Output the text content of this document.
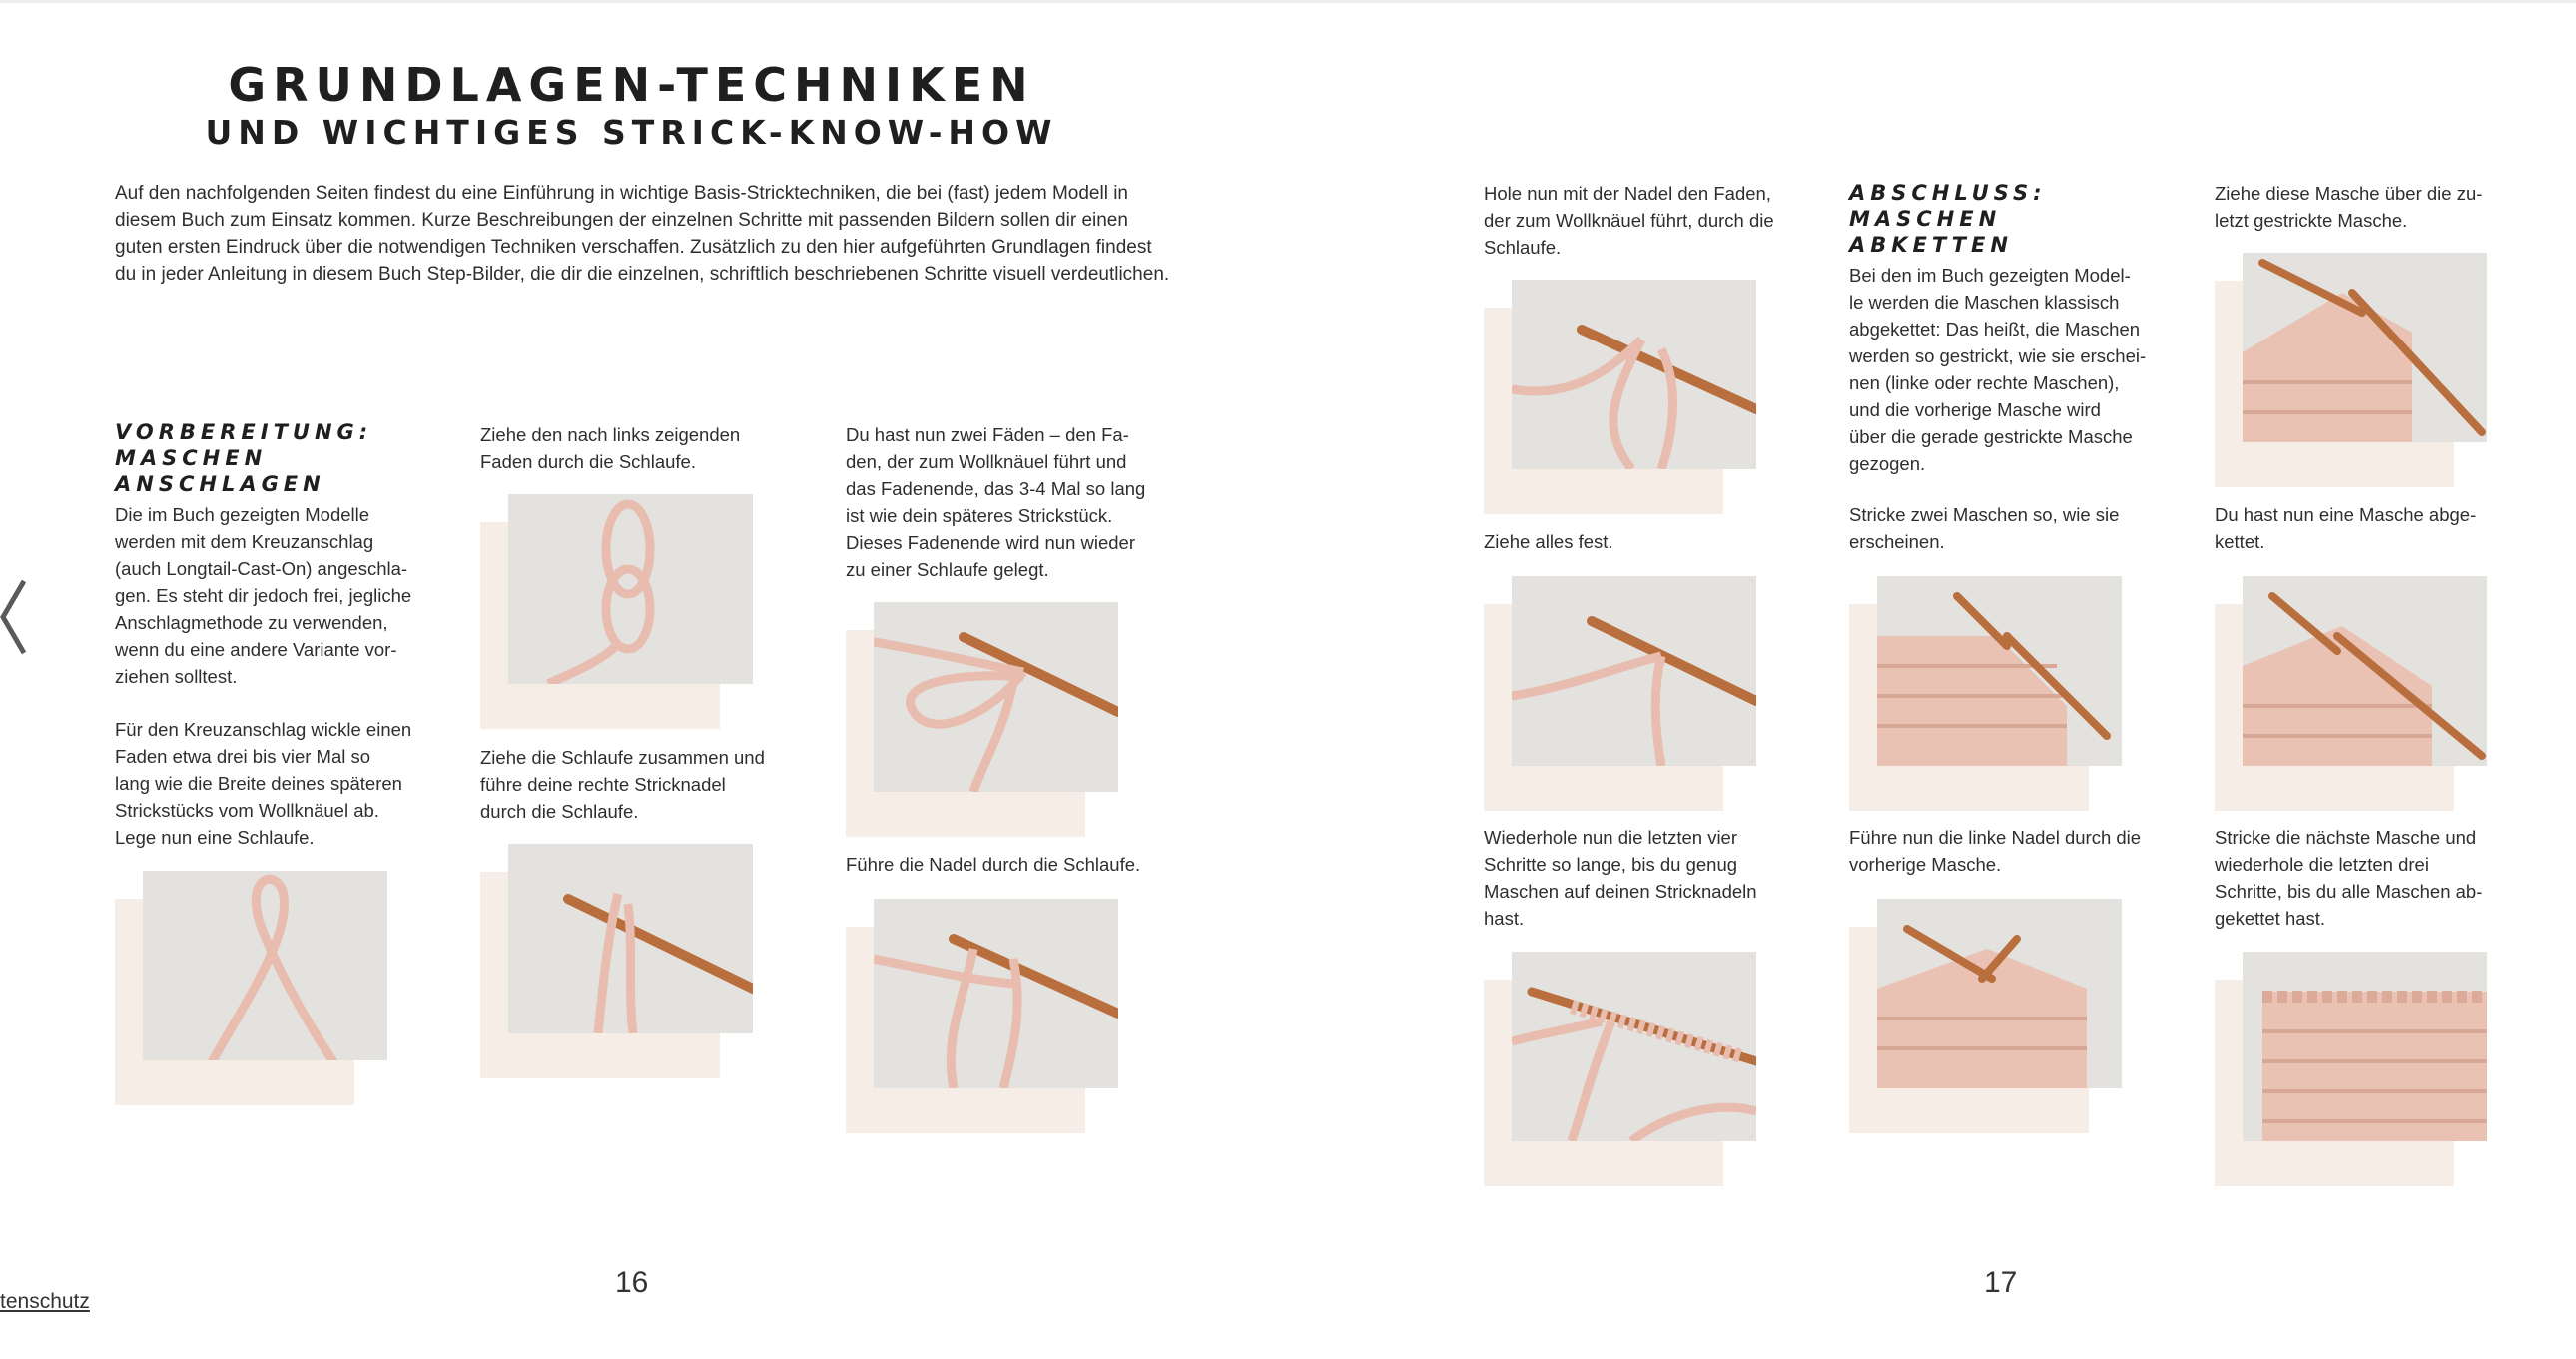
GRUNDLAGEN-TECHNIKEN
UND WICHTIGES STRICK-KNOW-HOW
Auf den nachfolgenden Seiten findest du eine Einführung in wichtige Basis-Stricktechniken, die bei (fast) jedem Modell in diesem Buch zum Einsatz kommen. Kurze Beschreibungen der einzelnen Schritte mit passenden Bildern sollen dir einen guten ersten Eindruck über die notwendigen Techniken verschaffen. Zusätzlich zu den hier aufgeführten Grundlagen findest du in jeder Anleitung in diesem Buch Step-Bilder, die dir die einzelnen, schriftlich beschriebenen Schritte visuell verdeutlichen.
VORBEREITUNG:
MASCHEN
ANSCHLAGEN
Die im Buch gezeigten Modelle
werden mit dem Kreuzanschlag
(auch Longtail-Cast-On) angeschla-
gen. Es steht dir jedoch frei, jegliche
Anschlagmethode zu verwenden,
wenn du eine andere Variante vor-
ziehen solltest.
Für den Kreuzanschlag wickle einen
Faden etwa drei bis vier Mal so
lang wie die Breite deines späteren
Strickstücks vom Wollknäuel ab.
Lege nun eine Schlaufe.
Ziehe den nach links zeigenden
Faden durch die Schlaufe.
Ziehe die Schlaufe zusammen und
führe deine rechte Stricknadel
durch die Schlaufe.
Du hast nun zwei Fäden – den Fa-
den, der zum Wollknäuel führt und
das Fadenende, das 3-4 Mal so lang
ist wie dein späteres Strickstück.
Dieses Fadenende wird nun wieder
zu einer Schlaufe gelegt.
Führe die Nadel durch die Schlaufe.
16
Hole nun mit der Nadel den Faden,
der zum Wollknäuel führt, durch die
Schlaufe.
Ziehe alles fest.
Wiederhole nun die letzten vier
Schritte so lange, bis du genug
Maschen auf deinen Stricknadeln
hast.
ABSCHLUSS:
MASCHEN
ABKETTEN
Bei den im Buch gezeigten Model-
le werden die Maschen klassisch
abgekettet: Das heißt, die Maschen
werden so gestrickt, wie sie erschei-
nen (linke oder rechte Maschen),
und die vorherige Masche wird
über die gerade gestrickte Masche
gezogen.
Stricke zwei Maschen so, wie sie
erscheinen.
Führe nun die linke Nadel durch die
vorherige Masche.
Ziehe diese Masche über die zu-
letzt gestrickte Masche.
Du hast nun eine Masche abge-
kettet.
Stricke die nächste Masche und
wiederhole die letzten drei
Schritte, bis du alle Maschen ab-
gekettet hast.
17
tenschutz
